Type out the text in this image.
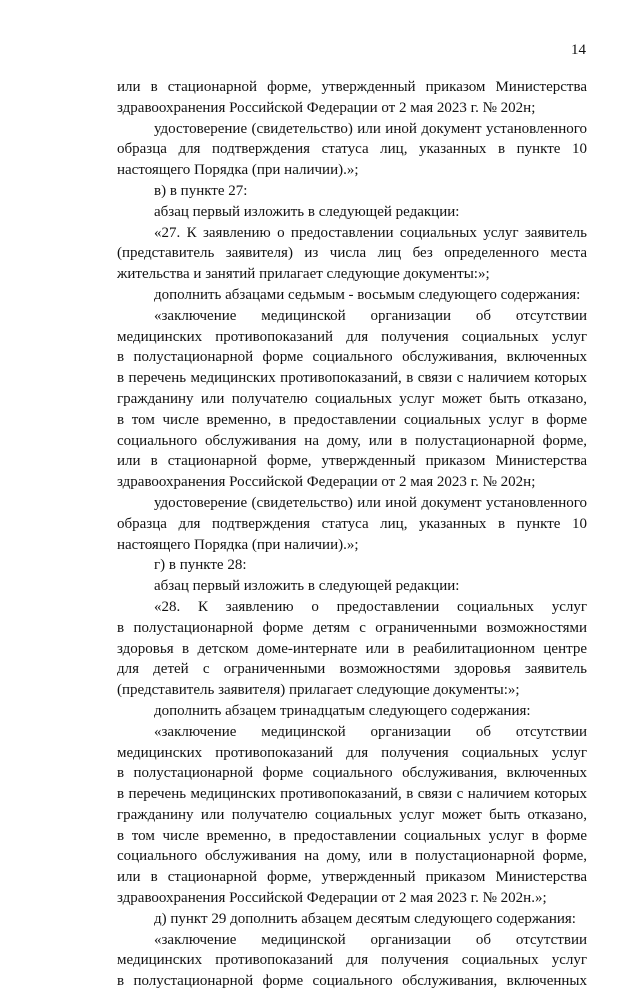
14
или в стационарной форме, утвержденный приказом Министерства
здравоохранения Российской Федерации от 2 мая 2023 г. № 202н;
удостоверение (свидетельство) или иной документ установленного
образца для подтверждения статуса лиц, указанных в пункте 10
настоящего Порядка (при наличии).»;
в) в пункте 27:
абзац первый изложить в следующей редакции:
«27. К заявлению о предоставлении социальных услуг заявитель
(представитель заявителя) из числа лиц без определенного места
жительства и занятий прилагает следующие документы:»;
дополнить абзацами седьмым - восьмым следующего содержания:
«заключение медицинской организации об отсутствии
медицинских противопоказаний для получения социальных услуг
в полустационарной форме социального обслуживания, включенных
в перечень медицинских противопоказаний, в связи с наличием которых
гражданину или получателю социальных услуг может быть отказано,
в том числе временно, в предоставлении социальных услуг в форме
социального обслуживания на дому, или в полустационарной форме,
или в стационарной форме, утвержденный приказом Министерства
здравоохранения Российской Федерации от 2 мая 2023 г. № 202н;
удостоверение (свидетельство) или иной документ установленного
образца для подтверждения статуса лиц, указанных в пункте 10
настоящего Порядка (при наличии).»;
г) в пункте 28:
абзац первый изложить в следующей редакции:
«28. К заявлению о предоставлении социальных услуг
в полустационарной форме детям с ограниченными возможностями
здоровья в детском доме-интернате или в реабилитационном центре
для детей с ограниченными возможностями здоровья заявитель
(представитель заявителя) прилагает следующие документы:»;
дополнить абзацем тринадцатым следующего содержания:
«заключение медицинской организации об отсутствии
медицинских противопоказаний для получения социальных услуг
в полустационарной форме социального обслуживания, включенных
в перечень медицинских противопоказаний, в связи с наличием которых
гражданину или получателю социальных услуг может быть отказано,
в том числе временно, в предоставлении социальных услуг в форме
социального обслуживания на дому, или в полустационарной форме,
или в стационарной форме, утвержденный приказом Министерства
здравоохранения Российской Федерации от 2 мая 2023 г. № 202н.»;
д) пункт 29 дополнить абзацем десятым следующего содержания:
«заключение медицинской организации об отсутствии
медицинских противопоказаний для получения социальных услуг
в полустационарной форме социального обслуживания, включенных
